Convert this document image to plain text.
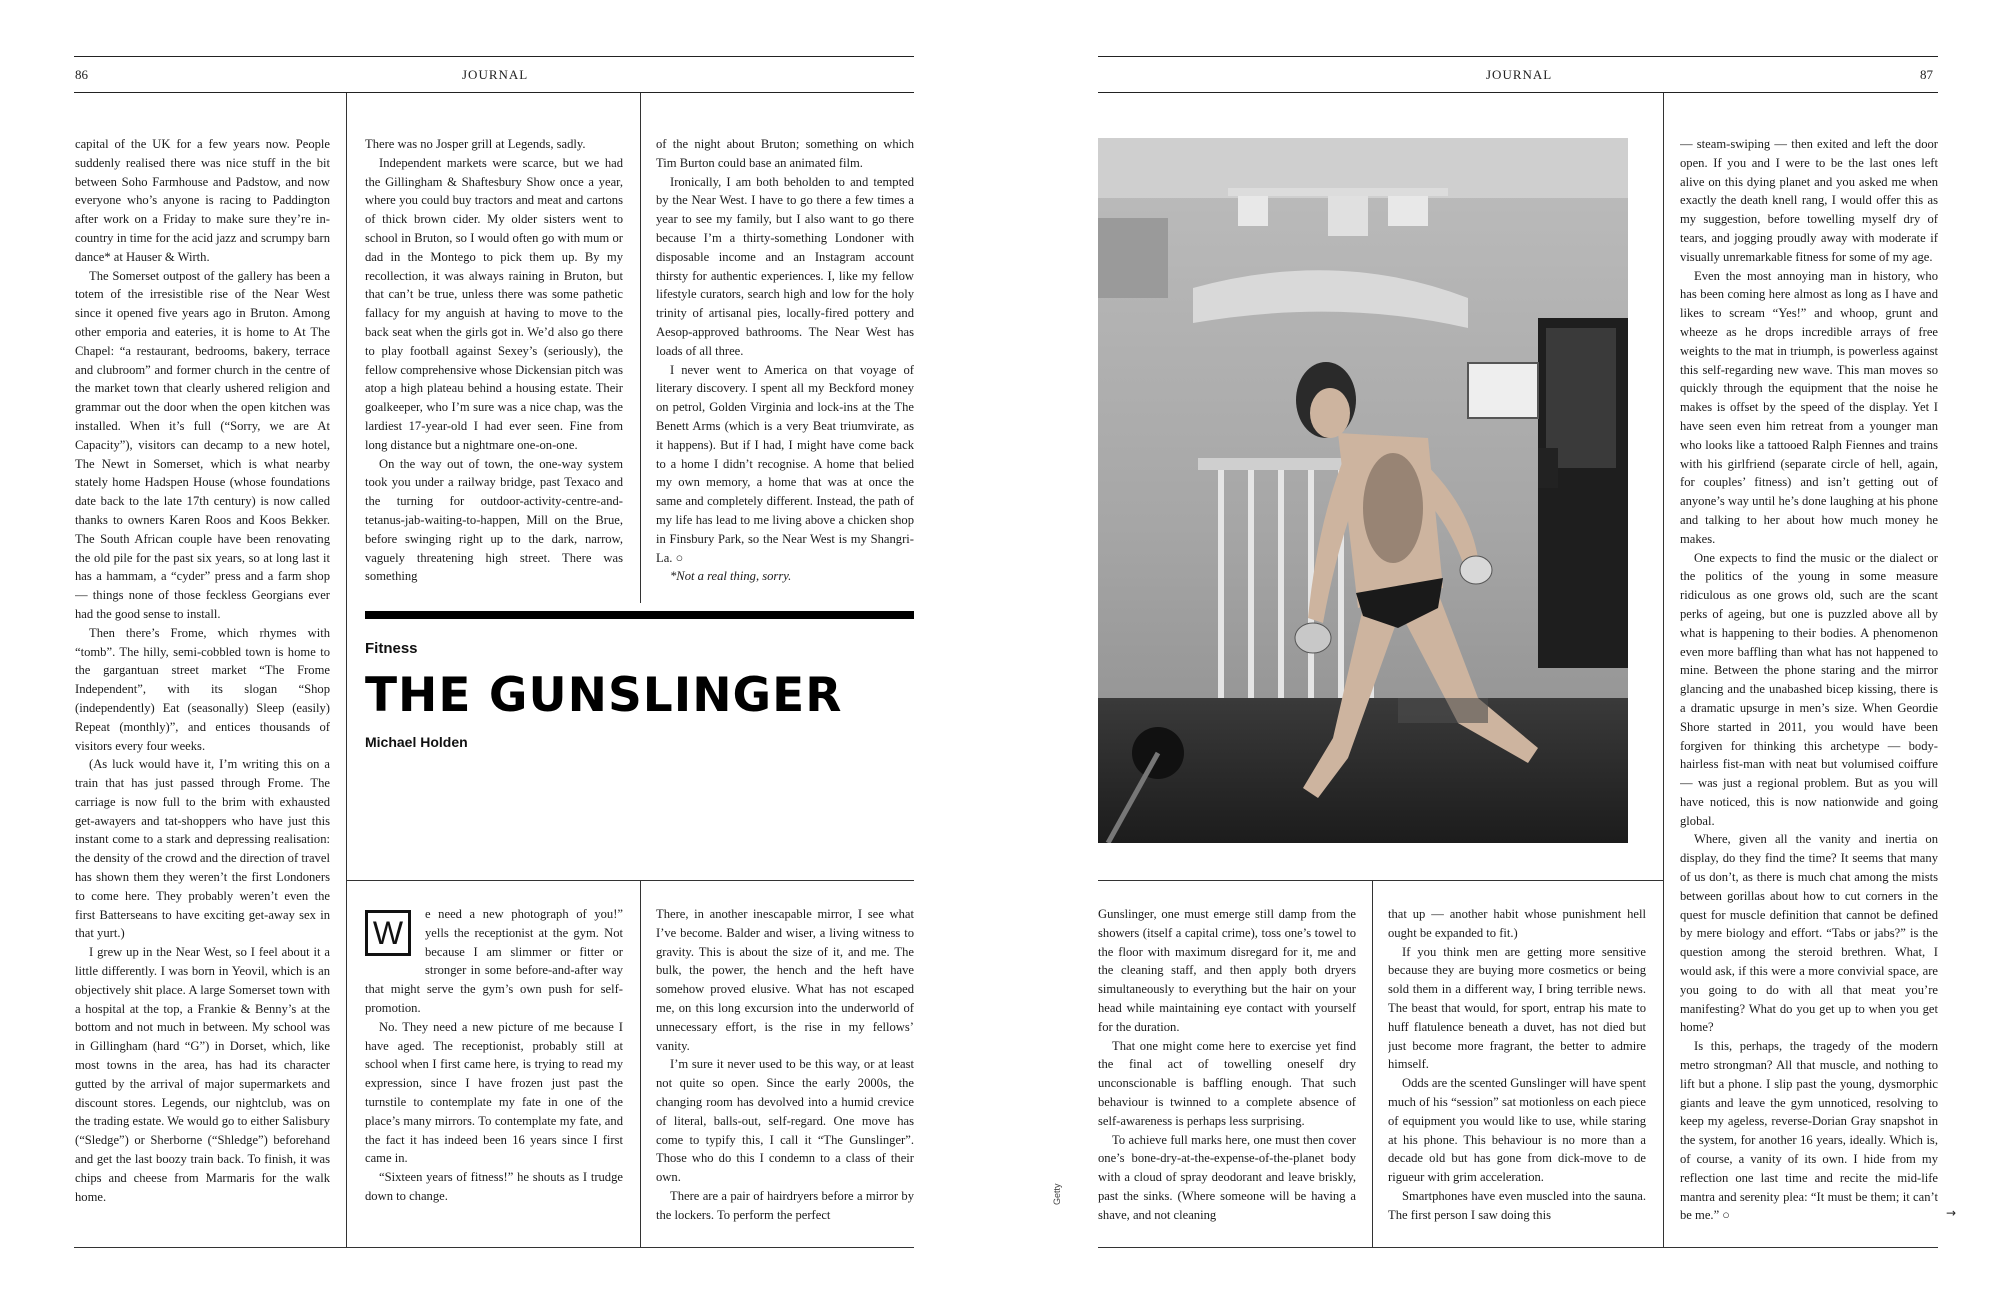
86	JOURNAL	JOURNAL	87

capital of the UK for a few years now. People suddenly realised there was nice stuff in the bit between Soho Farmhouse and Padstow, and now everyone who’s anyone is racing to Paddington after work on a Friday to make sure they’re in-country in time for the acid jazz and scrumpy barn dance* at Hauser & Wirth.

The Somerset outpost of the gallery has been a totem of the irresistible rise of the Near West since it opened five years ago in Bruton. Among other emporia and eateries, it is home to At The Chapel: “a restaurant, bedrooms, bakery, terrace and clubroom” and former church in the centre of the market town that clearly ushered religion and grammar out the door when the open kitchen was installed. When it’s full (“Sorry, we are At Capacity”), visitors can decamp to a new hotel, The Newt in Somerset, which is what nearby stately home Hadspen House (whose foundations date back to the late 17th century) is now called thanks to owners Karen Roos and Koos Bekker. The South African couple have been renovating the old pile for the past six years, so at long last it has a hammam, a “cyder” press and a farm shop — things none of those feckless Georgians ever had the good sense to install.

Then there’s Frome, which rhymes with “tomb”. The hilly, semi-cobbled town is home to the gargantuan street market “The Frome Independent”, with its slogan “Shop (independently) Eat (seasonally) Sleep (easily) Repeat (monthly)”, and entices thousands of visitors every four weeks.

(As luck would have it, I’m writing this on a train that has just passed through Frome. The carriage is now full to the brim with exhausted get-awayers and tat-shoppers who have just this instant come to a stark and depressing realisation: the density of the crowd and the direction of travel has shown them they weren’t the first Londoners to come here. They probably weren’t even the first Batterseans to have exciting get-away sex in that yurt.)

I grew up in the Near West, so I feel about it a little differently. I was born in Yeovil, which is an objectively shit place. A large Somerset town with a hospital at the top, a Frankie & Benny’s at the bottom and not much in between. My school was in Gillingham (hard “G”) in Dorset, which, like most towns in the area, has had its character gutted by the arrival of major supermarkets and discount stores. Legends, our nightclub, was on the trading estate. We would go to either Salisbury (“Sledge”) or Sherborne (“Shledge”) beforehand and get the last boozy train back. To finish, it was chips and cheese from Marmaris for the walk home.

There was no Josper grill at Legends, sadly.

Independent markets were scarce, but we had the Gillingham & Shaftesbury Show once a year, where you could buy tractors and meat and cartons of thick brown cider. My older sisters went to school in Bruton, so I would often go with mum or dad in the Montego to pick them up. By my recollection, it was always raining in Bruton, but that can’t be true, unless there was some pathetic fallacy for my anguish at having to move to the back seat when the girls got in. We’d also go there to play football against Sexey’s (seriously), the fellow comprehensive whose Dickensian pitch was atop a high plateau behind a housing estate. Their goalkeeper, who I’m sure was a nice chap, was the lardiest 17-year-old I had ever seen. Fine from long distance but a nightmare one-on-one.

On the way out of town, the one-way system took you under a railway bridge, past Texaco and the turning for outdoor-activity-centre-and-tetanus-jab-waiting-to-happen, Mill on the Brue, before swinging right up to the dark, narrow, vaguely threatening high street. There was something

of the night about Bruton; something on which Tim Burton could base an animated film.

Ironically, I am both beholden to and tempted by the Near West. I have to go there a few times a year to see my family, but I also want to go there because I’m a thirty-something Londoner with disposable income and an Instagram account thirsty for authentic experiences. I, like my fellow lifestyle curators, search high and low for the holy trinity of artisanal pies, locally-fired pottery and Aesop-approved bathrooms. The Near West has loads of all three.

I never went to America on that voyage of literary discovery. I spent all my Beckford money on petrol, Golden Virginia and lock-ins at the The Benett Arms (which is a very Beat triumvirate, as it happens). But if I had, I might have come back to a home I didn’t recognise. A home that belied my own memory, a home that was at once the same and completely different. Instead, the path of my life has lead to me living above a chicken shop in Finsbury Park, so the Near West is my Shangri-La. ○

*Not a real thing, sorry.

Fitness
THE GUNSLINGER
Michael Holden
W

e need a new photograph of you!” yells the receptionist at the gym. Not because I am slimmer or fitter or stronger in some before-and-after way that might serve the gym’s own push for self-promotion.

No. They need a new picture of me because I have aged. The receptionist, probably still at school when I first came here, is trying to read my expression, since I have frozen just past the turnstile to contemplate my fate in one of the place’s many mirrors. To contemplate my fate, and the fact it has indeed been 16 years since I first came in.

“Sixteen years of fitness!” he shouts as I trudge down to change.

There, in another inescapable mirror, I see what I’ve become. Balder and wiser, a living witness to gravity. This is about the size of it, and me. The bulk, the power, the hench and the heft have somehow proved elusive. What has not escaped me, on this long excursion into the underworld of unnecessary effort, is the rise in my fellows’ vanity.

I’m sure it never used to be this way, or at least not quite so open. Since the early 2000s, the changing room has devolved into a humid crevice of literal, balls-out, self-regard. One move has come to typify this, I call it “The Gunslinger”. Those who do this I condemn to a class of their own.

There are a pair of hairdryers before a mirror by the lockers. To perform the perfect

Gunslinger, one must emerge still damp from the showers (itself a capital crime), toss one’s towel to the floor with maximum disregard for it, me and the cleaning staff, and then apply both dryers simultaneously to everything but the hair on your head while maintaining eye contact with yourself for the duration.

That one might come here to exercise yet find the final act of towelling oneself dry unconscionable is baffling enough. That such behaviour is twinned to a complete absence of self-awareness is perhaps less surprising.

To achieve full marks here, one must then cover one’s bone-dry-at-the-expense-of-the-planet body with a cloud of spray deodorant and leave briskly, past the sinks. (Where someone will be having a shave, and not cleaning

that up — another habit whose punishment hell ought be expanded to fit.)

If you think men are getting more sensitive because they are buying more cosmetics or being sold them in a different way, I bring terrible news. The beast that would, for sport, entrap his mate to huff flatulence beneath a duvet, has not died but just become more fragrant, the better to admire himself.

Odds are the scented Gunslinger will have spent much of his “session” sat motionless on each piece of equipment you would like to use, while staring at his phone. This behaviour is no more than a decade old but has gone from dick-move to de rigueur with grim acceleration.

Smartphones have even muscled into the sauna. The first person I saw doing this

— steam-swiping — then exited and left the door open. If you and I were to be the last ones left alive on this dying planet and you asked me when exactly the death knell rang, I would offer this as my suggestion, before towelling myself dry of tears, and jogging proudly away with moderate if visually unremarkable fitness for some of my age.

Even the most annoying man in history, who has been coming here almost as long as I have and likes to scream “Yes!” and whoop, grunt and wheeze as he drops incredible arrays of free weights to the mat in triumph, is powerless against this self-regarding new wave. This man moves so quickly through the equipment that the noise he makes is offset by the speed of the display. Yet I have seen even him retreat from a younger man who looks like a tattooed Ralph Fiennes and trains with his girlfriend (separate circle of hell, again, for couples’ fitness) and isn’t getting out of anyone’s way until he’s done laughing at his phone and talking to her about how much money he makes.

One expects to find the music or the dialect or the politics of the young in some measure ridiculous as one grows old, such are the scant perks of ageing, but one is puzzled above all by what is happening to their bodies. A phenomenon even more baffling than what has not happened to mine. Between the phone staring and the mirror glancing and the unabashed bicep kissing, there is a dramatic upsurge in men’s size. When Geordie Shore started in 2011, you would have been forgiven for thinking this archetype — body-hairless fist-man with neat but volumised coiffure — was just a regional problem. But as you will have noticed, this is now nationwide and going global.

Where, given all the vanity and inertia on display, do they find the time? It seems that many of us don’t, as there is much chat among the mists between gorillas about how to cut corners in the quest for muscle definition that cannot be defined by mere biology and effort. “Tabs or jabs?” is the question among the steroid brethren. What, I would ask, if this were a more convivial space, are you going to do with all that meat you’re manifesting? What do you get up to when you get home?

Is this, perhaps, the tragedy of the modern metro strongman? All that muscle, and nothing to lift but a phone. I slip past the young, dysmorphic giants and leave the gym unnoticed, resolving to keep my ageless, reverse-Dorian Gray snapshot in the system, for another 16 years, ideally. Which is, of course, a vanity of its own. I hide from my reflection one last time and recite the mid-life mantra and serenity plea: “It must be them; it can’t be me.” ○

Getty
→
